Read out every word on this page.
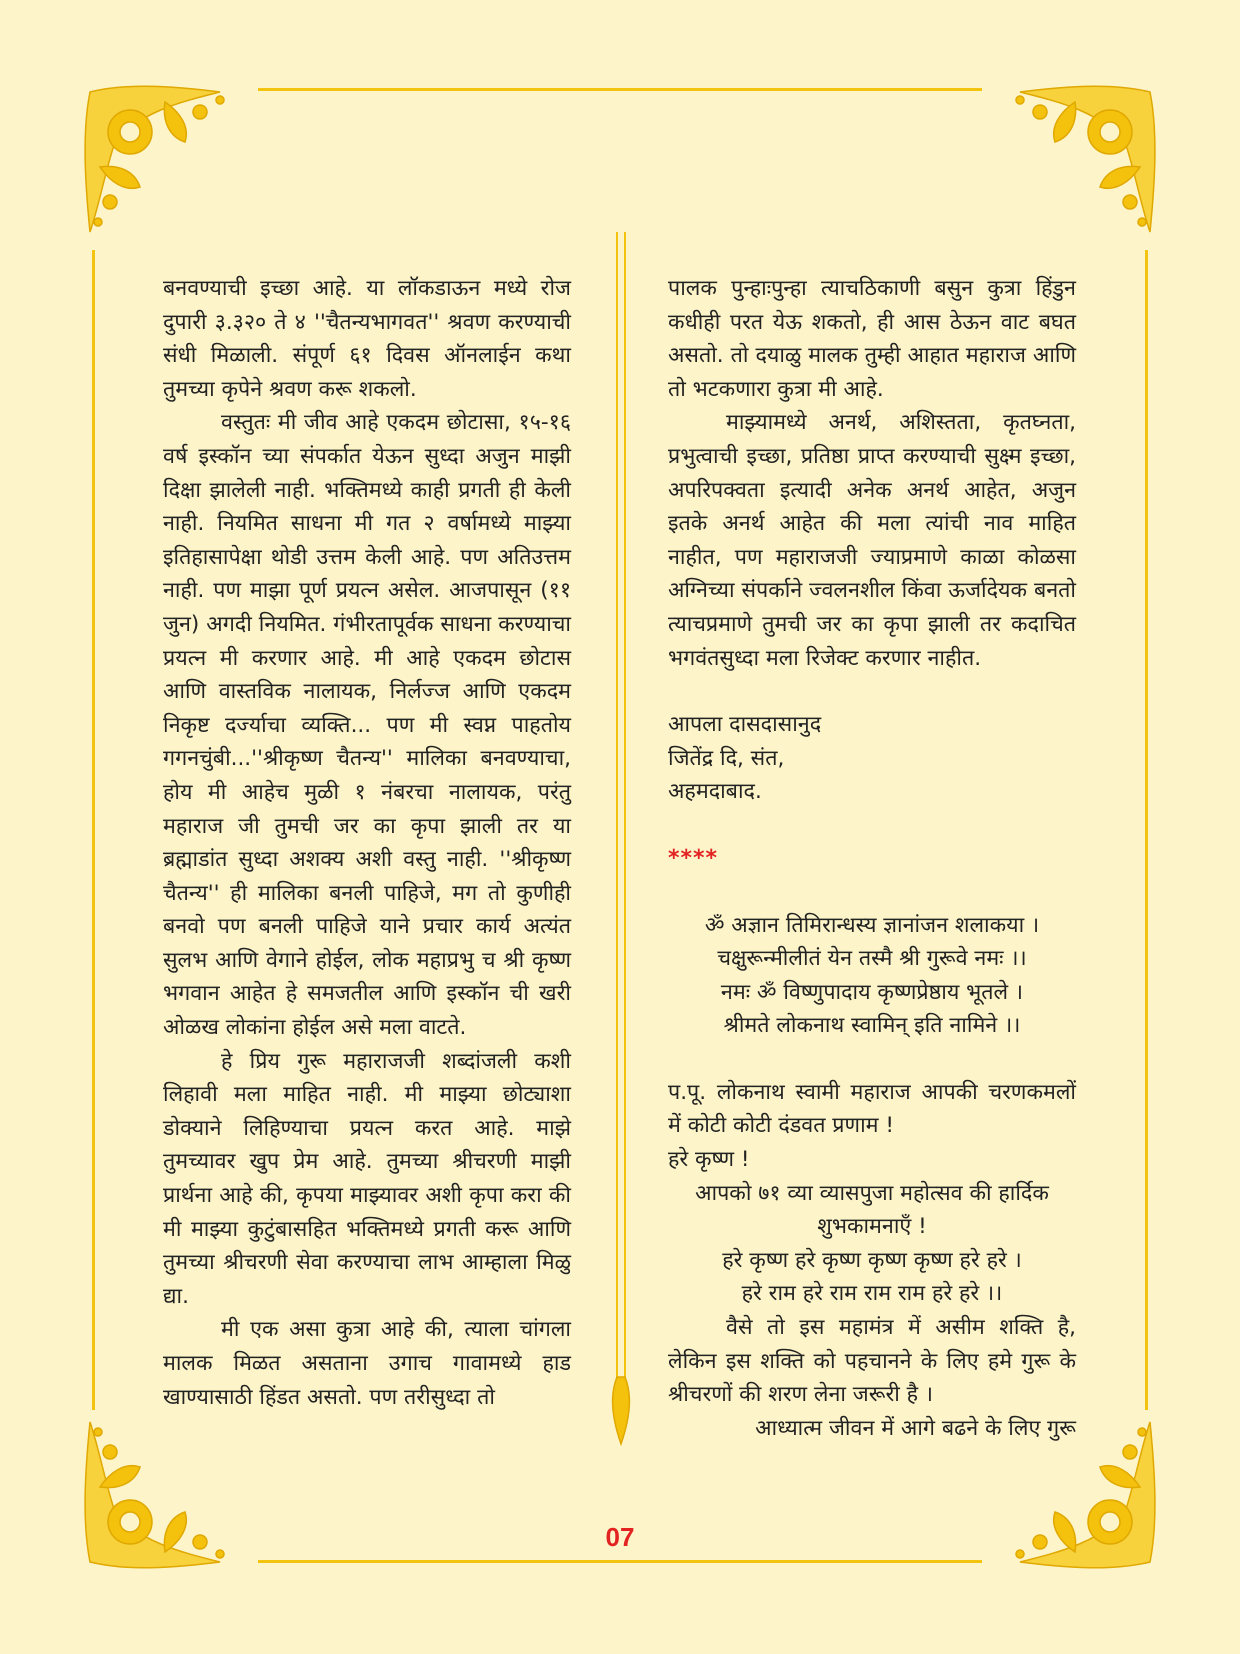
बनवण्याची इच्छा आहे. या लॉकडाऊन मध्ये रोज दुपारी ३.३२० ते ४ ''चैतन्यभागवत'' श्रवण करण्याची संधी मिळाली. संपूर्ण ६१ दिवस ऑनलाईन कथा तुमच्या कृपेने श्रवण करू शकलो.

वस्तुतः मी जीव आहे एकदम छोटासा, १५-१६ वर्ष इस्कॉन च्या संपर्कात येऊन सुध्दा अजुन माझी दिक्षा झालेली नाही. भक्तिमध्ये काही प्रगती ही केली नाही. नियमित साधना मी गत २ वर्षामध्ये माझ्या इतिहासापेक्षा थोडी उत्तम केली आहे. पण अतिउत्तम नाही. पण माझा पूर्ण प्रयत्न असेल. आजपासून (११ जुन) अगदी नियमित. गंभीरतापूर्वक साधना करण्याचा प्रयत्न मी करणार आहे. मी आहे एकदम छोटास आणि वास्तविक नालायक, निर्लज्ज आणि एकदम निकृष्ट दर्ज्याचा व्यक्ति... पण मी स्वप्न पाहतोय गगनचुंबी...''श्रीकृष्ण चैतन्य'' मालिका बनवण्याचा, होय मी आहेच मुळी १ नंबरचा नालायक, परंतु महाराज जी तुमची जर का कृपा झाली तर या ब्रह्माडांत सुध्दा अशक्य अशी वस्तु नाही. ''श्रीकृष्ण चैतन्य'' ही मालिका बनली पाहिजे, मग तो कुणीही बनवो पण बनली पाहिजे याने प्रचार कार्य अत्यंत सुलभ आणि वेगाने होईल, लोक महाप्रभु च श्री कृष्ण भगवान आहेत हे समजतील आणि इस्कॉन ची खरी ओळख लोकांना होईल असे मला वाटते.

हे प्रिय गुरू महाराजजी शब्दांजली कशी लिहावी मला माहित नाही. मी माझ्या छोट्याशा डोक्याने लिहिण्याचा प्रयत्न करत आहे. माझे तुमच्यावर खुप प्रेम आहे. तुमच्या श्रीचरणी माझी प्रार्थना आहे की, कृपया माझ्यावर अशी कृपा करा की मी माझ्या कुटुंबासहित भक्तिमध्ये प्रगती करू आणि तुमच्या श्रीचरणी सेवा करण्याचा लाभ आम्हाला मिळु द्या.

मी एक असा कुत्रा आहे की, त्याला चांगला मालक मिळत असताना उगाच गावामध्ये हाड खाण्यासाठी हिंडत असतो. पण तरीसुध्दा तो

पालक पुन्हाःपुन्हा त्याचठिकाणी बसुन कुत्रा हिंडुन कधीही परत येऊ शकतो, ही आस ठेऊन वाट बघत असतो. तो दयाळु मालक तुम्ही आहात महाराज आणि तो भटकणारा कुत्रा मी आहे.

माझ्यामध्ये अनर्थ, अशिस्तता, कृतघ्नता, प्रभुत्वाची इच्छा, प्रतिष्ठा प्राप्त करण्याची सुक्ष्म इच्छा, अपरिपक्वता इत्यादी अनेक अनर्थ आहेत, अजुन इतके अनर्थ आहेत की मला त्यांची नाव माहित नाहीत, पण महाराजजी ज्याप्रमाणे काळा कोळसा अग्निच्या संपर्काने ज्वलनशील किंवा ऊर्जादेयक बनतो त्याचप्रमाणे तुमची जर का कृपा झाली तर कदाचित भगवंतसुध्दा मला रिजेक्ट करणार नाहीत.

आपला दासदासानुद

जितेंद्र दि, संत,

अहमदाबाद.

****

ॐ अज्ञान तिमिरान्धस्य ज्ञानांजन शलाकया ।

चक्षुरून्मीलीतं येन तस्मै श्री गुरूवे नमः ।।

नमः ॐ विष्णुपादाय कृष्णप्रेष्ठाय भूतले ।

श्रीमते लोकनाथ स्वामिन् इति नामिने ।।

प.पू. लोकनाथ स्वामी महाराज आपकी चरणकमलों में कोटी कोटी दंडवत प्रणाम !

हरे कृष्ण !

आपको ७१ व्या व्यासपुजा महोत्सव की हार्दिक शुभकामनाएँ !

हरे कृष्ण हरे कृष्ण कृष्ण कृष्ण हरे हरे ।

हरे राम हरे राम राम राम हरे हरे ।।

वैसे तो इस महामंत्र में असीम शक्ति है, लेकिन इस शक्ति को पहचानने के लिए हमे गुरू के श्रीचरणों की शरण लेना जरूरी है ।

आध्यात्म जीवन में आगे बढने के लिए गुरू

07
